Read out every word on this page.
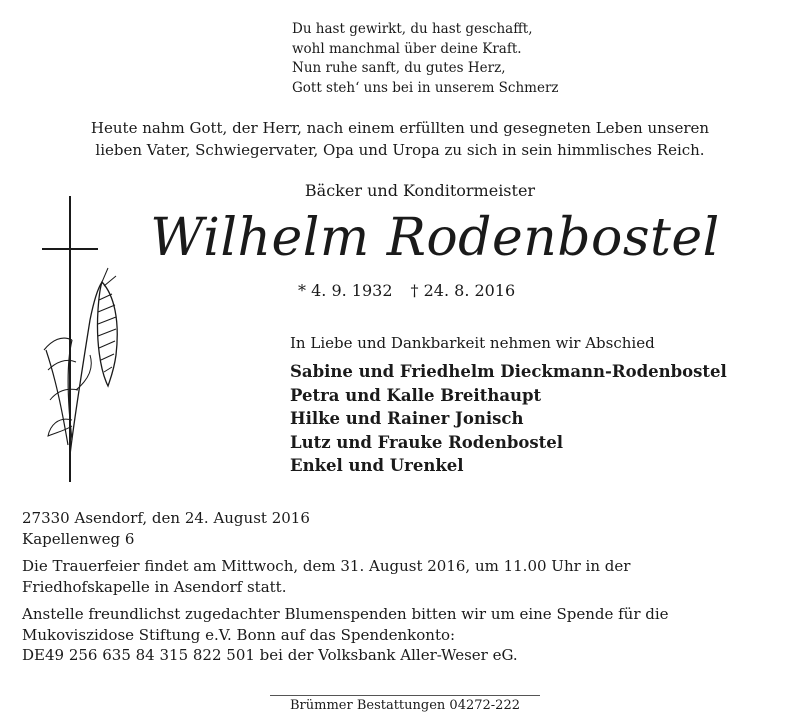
Du hast gewirkt, du hast geschafft,
wohl manchmal über deine Kraft.
Nun ruhe sanft, du gutes Herz,
Gott steh‘ uns bei in unserem Schmerz
Heute nahm Gott, der Herr, nach einem erfüllten und gesegneten Leben unseren
lieben Vater, Schwiegervater, Opa und Uropa zu sich in sein himmlisches Reich.
Bäcker und Konditormeister
Wilhelm Rodenbostel
* 4. 9. 1932 † 24. 8. 2016
In Liebe und Dankbarkeit nehmen wir Abschied
Sabine und Friedhelm Dieckmann-Rodenbostel
Petra und Kalle Breithaupt
Hilke und Rainer Jonisch
Lutz und Frauke Rodenbostel
Enkel und Urenkel

27330 Asendorf, den 24. August 2016

Kapellenweg 6

Die Trauerfeier findet am Mittwoch, dem 31. August 2016, um 11.00 Uhr in der

Friedhofskapelle in Asendorf statt.

Anstelle freundlichst zugedachter Blumenspenden bitten wir um eine Spende für die

Mukoviszidose Stiftung e.V. Bonn auf das Spendenkonto:

DE49 256 635 84 315 822 501 bei der Volksbank Aller-Weser eG.

Brümmer Bestattungen 04272-222
